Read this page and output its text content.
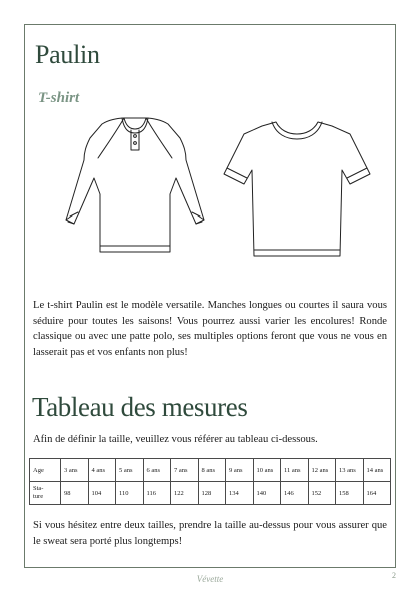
Paulin
T-shirt
Le t-shirt Paulin est le modèle versatile. Manches longues ou courtes il saura vous séduire pour toutes les saisons! Vous pourrez aussi varier les encolures! Ronde classique ou avec une patte polo, ses multiples options feront que vous ne vous en lasserait pas et vos enfants non plus!
Tableau des mesures
Afin de définir la taille, veuillez vous référer au tableau ci-dessous.
Age	3 ans	4 ans	5 ans	6 ans	7 ans	8 ans	9 ans	10 ans	11 ans	12 ans	13 ans	14 ans
Sta-
ture	98	104	110	116	122	128	134	140	146	152	158	164
Si vous hésitez entre deux tailles, prendre la taille au-dessus pour vous assurer que le sweat sera porté plus longtemps!
Vévette	2
